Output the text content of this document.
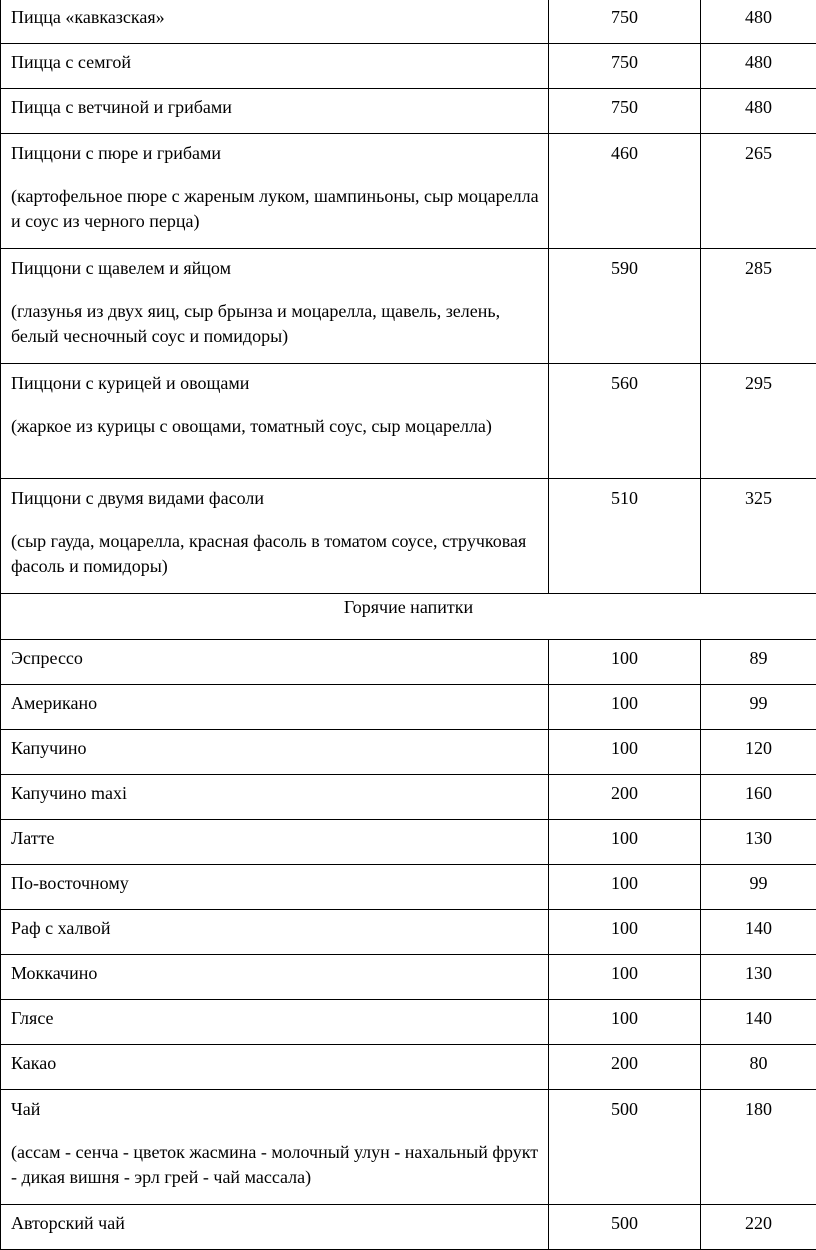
Пицца «кавказская»	750	480

Пицца с семгой	750	480

Пицца с ветчиной и грибами	750	480

Пиццони с пюре и грибами
(картофельное пюре с жареным луком, шампиньоны, сыр моцарелла и соус из черного перца)	460	265

Пиццони с щавелем и яйцом
(глазунья из двух яиц, сыр брынза и моцарелла, щавель, зелень, белый чесночный соус и помидоры)	590	285

Пиццони с курицей и овощами
(жаркое из курицы с овощами, томатный соус, сыр моцарелла)	560	295

Пиццони с двумя видами фасоли
(сыр гауда, моцарелла, красная фасоль в томатом соусе, стручковая фасоль и помидоры)	510	325

Горячие напитки		

Эспрессо	100	89

Американо	100	99

Капучино	100	120

Капучино maxi	200	160

Латте	100	130

По-восточному	100	99

Раф с халвой	100	140

Моккачино	100	130

Глясе	100	140

Какао	200	80

Чай
(ассам - сенча - цветок жасмина - молочный улун - нахальный фрукт - дикая вишня - эрл грей - чай массала)	500	180

Авторский чай	500	220
